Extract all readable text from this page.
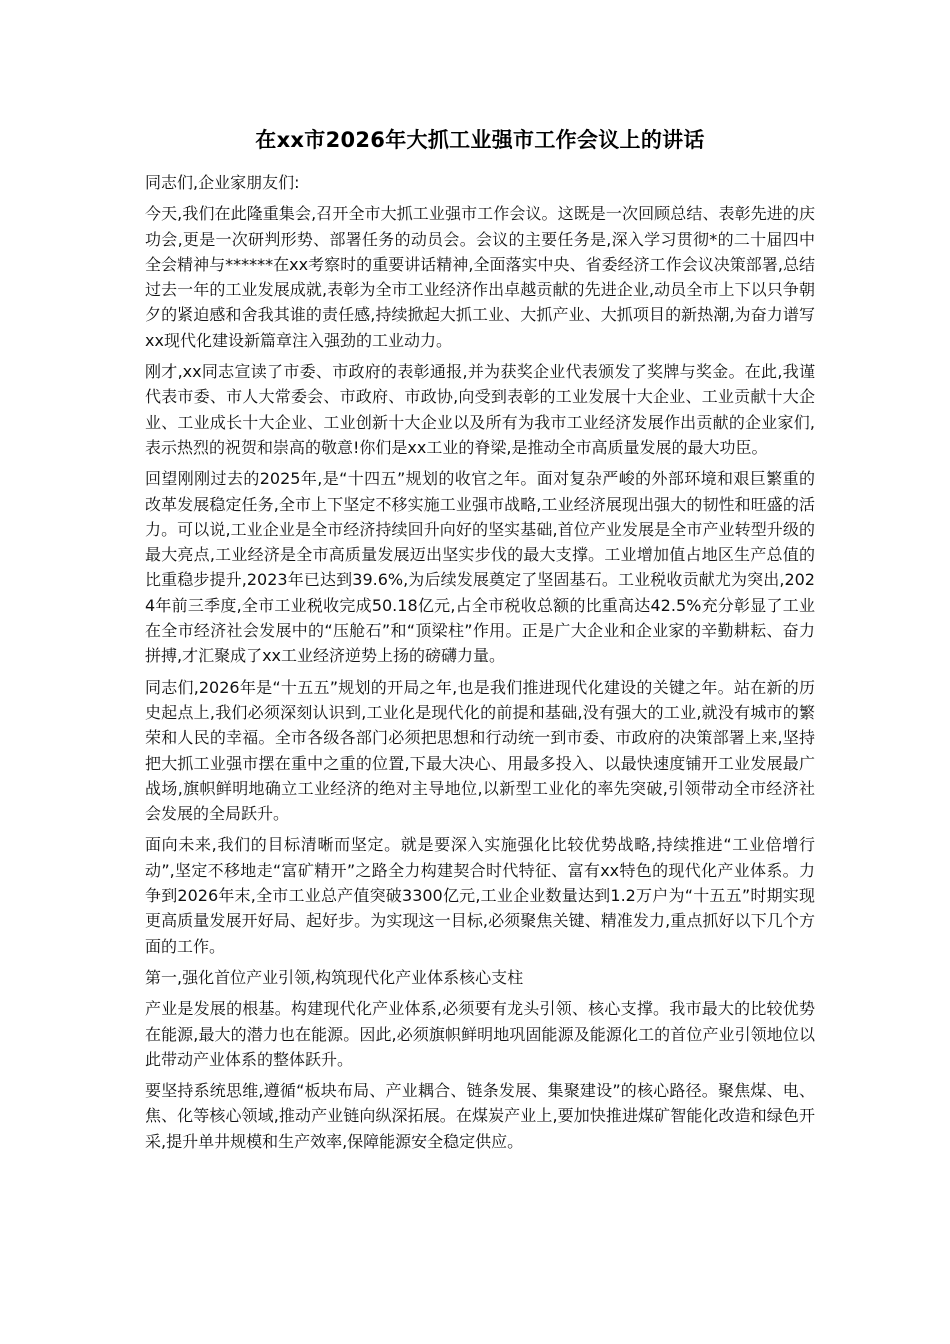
在xx市2026年大抓工业强市工作会议上的讲话

同志们,企业家朋友们:

今天,我们在此隆重集会,召开全市大抓工业强市工作会议。这既是一次回顾总结、表彰先进的庆功会,更是一次研判形势、部署任务的动员会。会议的主要任务是,深入学习贯彻*的二十届四中全会精神与******在xx考察时的重要讲话精神,全面落实中央、省委经济工作会议决策部署,总结过去一年的工业发展成就,表彰为全市工业经济作出卓越贡献的先进企业,动员全市上下以只争朝夕的紧迫感和舍我其谁的责任感,持续掀起大抓工业、大抓产业、大抓项目的新热潮,为奋力谱写xx现代化建设新篇章注入强劲的工业动力。

刚才,xx同志宣读了市委、市政府的表彰通报,并为获奖企业代表颁发了奖牌与奖金。在此,我谨代表市委、市人大常委会、市政府、市政协,向受到表彰的工业发展十大企业、工业贡献十大企业、工业成长十大企业、工业创新十大企业以及所有为我市工业经济发展作出贡献的企业家们,表示热烈的祝贺和崇高的敬意!你们是xx工业的脊梁,是推动全市高质量发展的最大功臣。

回望刚刚过去的2025年,是“十四五”规划的收官之年。面对复杂严峻的外部环境和艰巨繁重的改革发展稳定任务,全市上下坚定不移实施工业强市战略,工业经济展现出强大的韧性和旺盛的活力。可以说,工业企业是全市经济持续回升向好的坚实基础,首位产业发展是全市产业转型升级的最大亮点,工业经济是全市高质量发展迈出坚实步伐的最大支撑。工业增加值占地区生产总值的比重稳步提升,2023年已达到39.6%,为后续发展奠定了坚固基石。工业税收贡献尤为突出,2024年前三季度,全市工业税收完成50.18亿元,占全市税收总额的比重高达42.5%充分彰显了工业在全市经济社会发展中的“压舱石”和“顶梁柱”作用。正是广大企业和企业家的辛勤耕耘、奋力拼搏,才汇聚成了xx工业经济逆势上扬的磅礴力量。

同志们,2026年是“十五五”规划的开局之年,也是我们推进现代化建设的关键之年。站在新的历史起点上,我们必须深刻认识到,工业化是现代化的前提和基础,没有强大的工业,就没有城市的繁荣和人民的幸福。全市各级各部门必须把思想和行动统一到市委、市政府的决策部署上来,坚持把大抓工业强市摆在重中之重的位置,下最大决心、用最多投入、以最快速度铺开工业发展最广战场,旗帜鲜明地确立工业经济的绝对主导地位,以新型工业化的率先突破,引领带动全市经济社会发展的全局跃升。

面向未来,我们的目标清晰而坚定。就是要深入实施强化比较优势战略,持续推进“工业倍增行动”,坚定不移地走“富矿精开”之路全力构建契合时代特征、富有xx特色的现代化产业体系。力争到2026年末,全市工业总产值突破3300亿元,工业企业数量达到1.2万户为“十五五”时期实现更高质量发展开好局、起好步。为实现这一目标,必须聚焦关键、精准发力,重点抓好以下几个方面的工作。

第一,强化首位产业引领,构筑现代化产业体系核心支柱

产业是发展的根基。构建现代化产业体系,必须要有龙头引领、核心支撑。我市最大的比较优势在能源,最大的潜力也在能源。因此,必须旗帜鲜明地巩固能源及能源化工的首位产业引领地位以此带动产业体系的整体跃升。

要坚持系统思维,遵循“板块布局、产业耦合、链条发展、集聚建设”的核心路径。聚焦煤、电、焦、化等核心领域,推动产业链向纵深拓展。在煤炭产业上,要加快推进煤矿智能化改造和绿色开采,提升单井规模和生产效率,保障能源安全稳定供应。
